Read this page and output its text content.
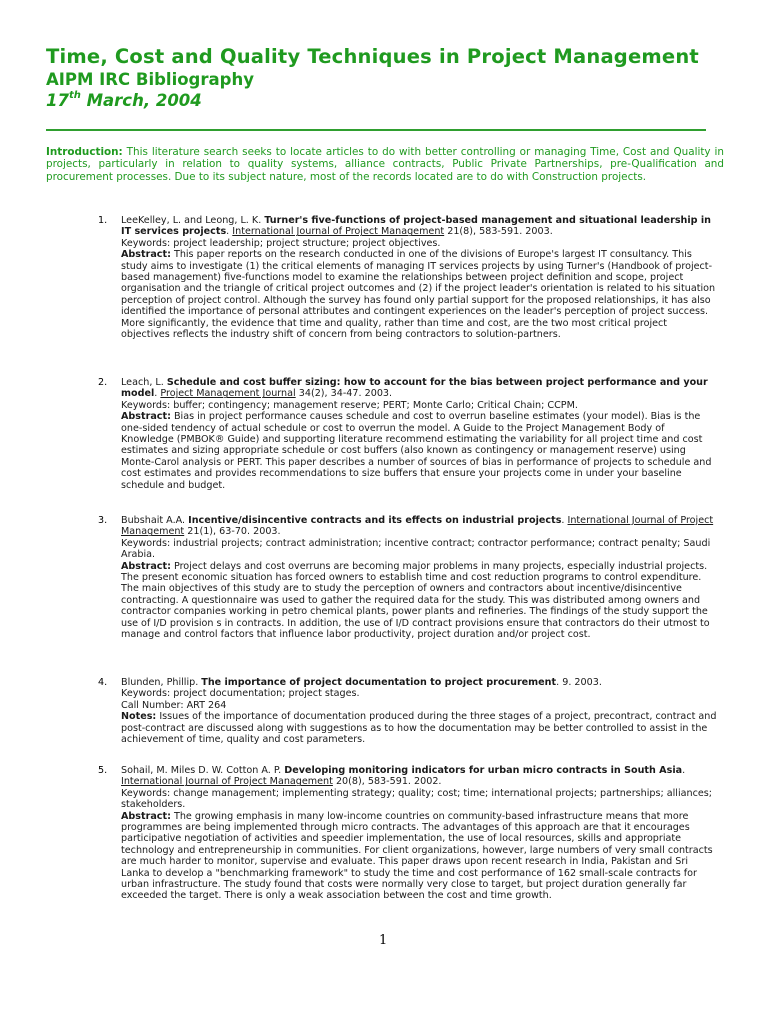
Time, Cost and Quality Techniques in Project Management
AIPM IRC Bibliography
17th March, 2004
Introduction: This literature search seeks to locate articles to do with better controlling or managing Time, Cost and Quality in projects, particularly in relation to quality systems, alliance contracts, Public Private Partnerships, pre-Qualification and procurement processes. Due to its subject nature, most of the records located are to do with Construction projects.
1. LeeKelley, L. and Leong, L. K. Turner's five-functions of project-based management and situational leadership in IT services projects. International Journal of Project Management 21(8), 583-591. 2003.
Keywords: project leadership; project structure; project objectives.
Abstract: This paper reports on the research conducted in one of the divisions of Europe's largest IT consultancy. This study aims to investigate (1) the critical elements of managing IT services projects by using Turner's (Handbook of project-based management) five-functions model to examine the relationships between project definition and scope, project organisation and the triangle of critical project outcomes and (2) if the project leader's orientation is related to his situation perception of project control. Although the survey has found only partial support for the proposed relationships, it has also identified the importance of personal attributes and contingent experiences on the leader's perception of project success. More significantly, the evidence that time and quality, rather than time and cost, are the two most critical project objectives reflects the industry shift of concern from being contractors to solution-partners.
2. Leach, L. Schedule and cost buffer sizing: how to account for the bias between project performance and your model. Project Management Journal 34(2), 34-47. 2003.
Keywords: buffer; contingency; management reserve; PERT; Monte Carlo; Critical Chain; CCPM.
Abstract: Bias in project performance causes schedule and cost to overrun baseline estimates (your model). Bias is the one-sided tendency of actual schedule or cost to overrun the model. A Guide to the Project Management Body of Knowledge (PMBOK® Guide) and supporting literature recommend estimating the variability for all project time and cost estimates and sizing appropriate schedule or cost buffers (also known as contingency or management reserve) using Monte-Carol analysis or PERT. This paper describes a number of sources of bias in performance of projects to schedule and cost estimates and provides recommendations to size buffers that ensure your projects come in under your baseline schedule and budget.
3. Bubshait A.A. Incentive/disincentive contracts and its effects on industrial projects. International Journal of Project Management 21(1), 63-70. 2003.
Keywords: industrial projects; contract administration; incentive contract; contractor performance; contract penalty; Saudi Arabia.
Abstract: Project delays and cost overruns are becoming major problems in many projects, especially industrial projects. The present economic situation has forced owners to establish time and cost reduction programs to control expenditure. The main objectives of this study are to study the perception of owners and contractors about incentive/disincentive contracting. A questionnaire was used to gather the required data for the study. This was distributed among owners and contractor companies working in petro chemical plants, power plants and refineries. The findings of the study support the use of I/D provision s in contracts. In addition, the use of I/D contract provisions ensure that contractors do their utmost to manage and control factors that influence labor productivity, project duration and/or project cost.
4. Blunden, Phillip. The importance of project documentation to project procurement. 9. 2003.
Keywords: project documentation; project stages.
Call Number: ART 264
Notes: Issues of the importance of documentation produced during the three stages of a project, precontract, contract and post-contract are discussed along with suggestions as to how the documentation may be better controlled to assist in the achievement of time, quality and cost parameters.
5. Sohail, M. Miles D. W. Cotton A. P. Developing monitoring indicators for urban micro contracts in South Asia. International Journal of Project Management 20(8), 583-591. 2002.
Keywords: change management; implementing strategy; quality; cost; time; international projects; partnerships; alliances; stakeholders.
Abstract: The growing emphasis in many low-income countries on community-based infrastructure means that more programmes are being implemented through micro contracts. The advantages of this approach are that it encourages participative negotiation of activities and speedier implementation, the use of local resources, skills and appropriate technology and entrepreneurship in communities. For client organizations, however, large numbers of very small contracts are much harder to monitor, supervise and evaluate. This paper draws upon recent research in India, Pakistan and Sri Lanka to develop a "benchmarking framework" to study the time and cost performance of 162 small-scale contracts for urban infrastructure. The study found that costs were normally very close to target, but project duration generally far exceeded the target. There is only a weak association between the cost and time growth.
1
